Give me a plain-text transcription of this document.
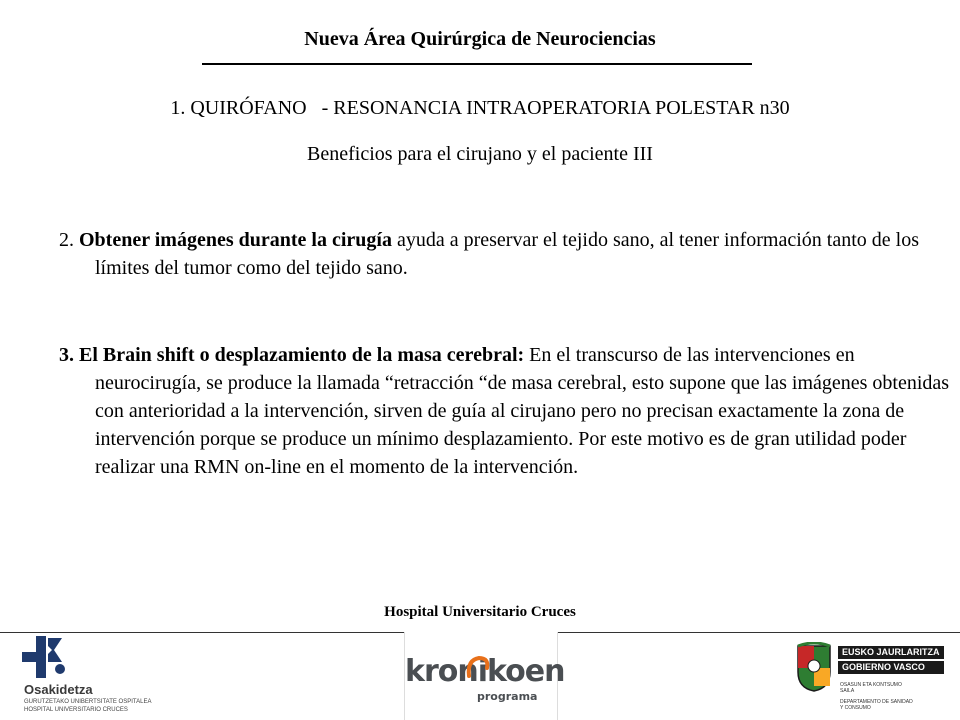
Nueva Área Quirúrgica de Neurociencias
1. QUIRÓFANO   - RESONANCIA INTRAOPERATORIA POLESTAR n30
Beneficios para el cirujano y el paciente III
2. Obtener imágenes durante la cirugía ayuda a preservar el tejido sano, al tener información tanto de los límites del tumor como del tejido sano.
3. El Brain shift o desplazamiento de la masa cerebral: En el transcurso de las intervenciones en neurocirugía, se produce la llamada “retracción “de masa cerebral, esto supone que las imágenes obtenidas con anterioridad a la intervención, sirven de guía al cirujano pero no precisan exactamente la zona de intervención porque se produce un mínimo desplazamiento. Por este motivo es de gran utilidad poder realizar una RMN on-line en el momento de la intervención.
Hospital Universitario Cruces
Osakidetza
GURUTZETAKO UNIBERTSITATE OSPITALEA
HOSPITAL UNIVERSITARIO CRUCES
kronikoen
programa
EUSKO JAURLARITZA
GOBIERNO VASCO
OSASUN ETA KONTSUMO
SAILA
DEPARTAMENTO DE SANIDAD
Y CONSUMO
